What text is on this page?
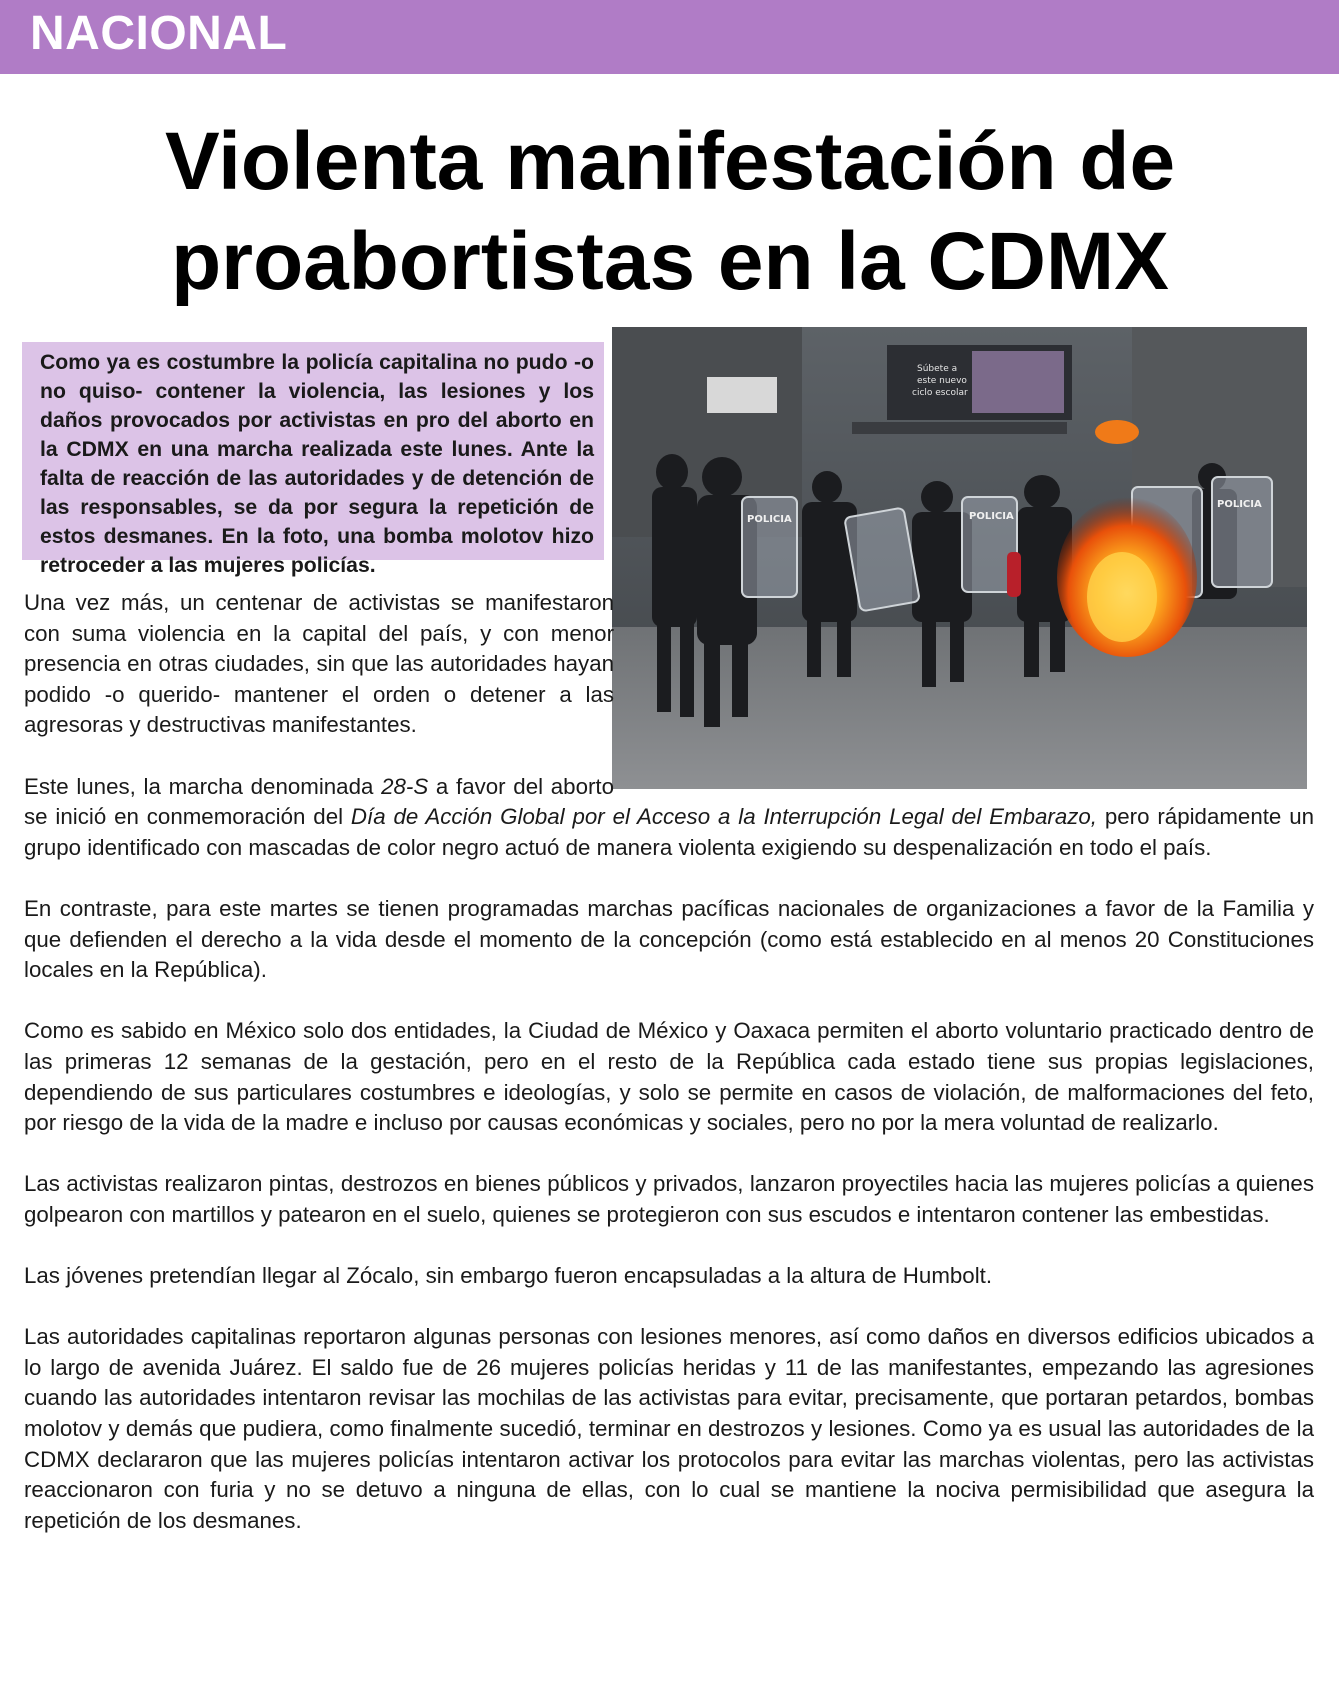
NACIONAL
Violenta manifestación de
proabortistas en la CDMX
Como ya es costumbre la policía capitalina no pudo -o no quiso- contener la violencia, las lesiones y los daños provocados por activistas en pro del aborto en la CDMX en una marcha realizada este lunes. Ante la falta de reacción de las autoridades y de detención de las responsables, se da por segura la repetición de estos desmanes. En la foto, una bomba molotov hizo retroceder a las mujeres policías.
Súbete a
este nuevo
ciclo escolar
POLICIA	POLICIA
POLICIA

Una vez más, un centenar de activistas se manifestaron con suma violencia en la capital del país, y con menor presencia en otras ciudades, sin que las autoridades hayan podido -o querido- mantener el orden o detener a las agresoras y destructivas manifestantes.

Este lunes, la marcha denominada 28-S a favor del aborto se inició en conmemoración del Día de Acción Global por el Acceso a la Interrupción Legal del Embarazo, pero rápidamente un grupo identificado con mascadas de color negro actuó de manera violenta exigiendo su despenalización en todo el país.

En contraste, para este martes se tienen programadas marchas pacíficas nacionales de organizaciones a favor de la Familia y que defienden el derecho a la vida desde el momento de la concepción (como está establecido en al menos 20 Constituciones locales en la República).

Como es sabido en México solo dos entidades, la Ciudad de México y Oaxaca permiten el aborto voluntario practicado dentro de las primeras 12 semanas de la gestación, pero en el resto de la República cada estado tiene sus propias legislaciones, dependiendo de sus particulares costumbres e ideologías, y solo se permite en casos de violación, de malformaciones del feto, por riesgo de la vida de la madre e incluso por causas económicas y sociales, pero no por la mera voluntad de realizarlo.

Las activistas realizaron pintas, destrozos en bienes públicos y privados, lanzaron proyectiles hacia las mujeres policías a quienes golpearon con martillos y patearon en el suelo, quienes se protegieron con sus escudos e intentaron contener las embestidas.

Las jóvenes pretendían llegar al Zócalo, sin embargo fueron encapsuladas a la altura de Humbolt.

Las autoridades capitalinas reportaron algunas personas con lesiones menores, así como daños en diversos edificios ubicados a lo largo de avenida Juárez. El saldo fue de 26 mujeres policías heridas y 11 de las manifestantes, empezando las agresiones cuando las autoridades intentaron revisar las mochilas de las activistas para evitar, precisamente, que portaran petardos, bombas molotov y demás que pudiera, como finalmente sucedió, terminar en destrozos y lesiones. Como ya es usual las autoridades de la CDMX declararon que las mujeres policías intentaron activar los protocolos para evitar las marchas violentas, pero las activistas reaccionaron con furia y no se detuvo a ninguna de ellas, con lo cual se mantiene la nociva permisibilidad que asegura la repetición de los desmanes.
